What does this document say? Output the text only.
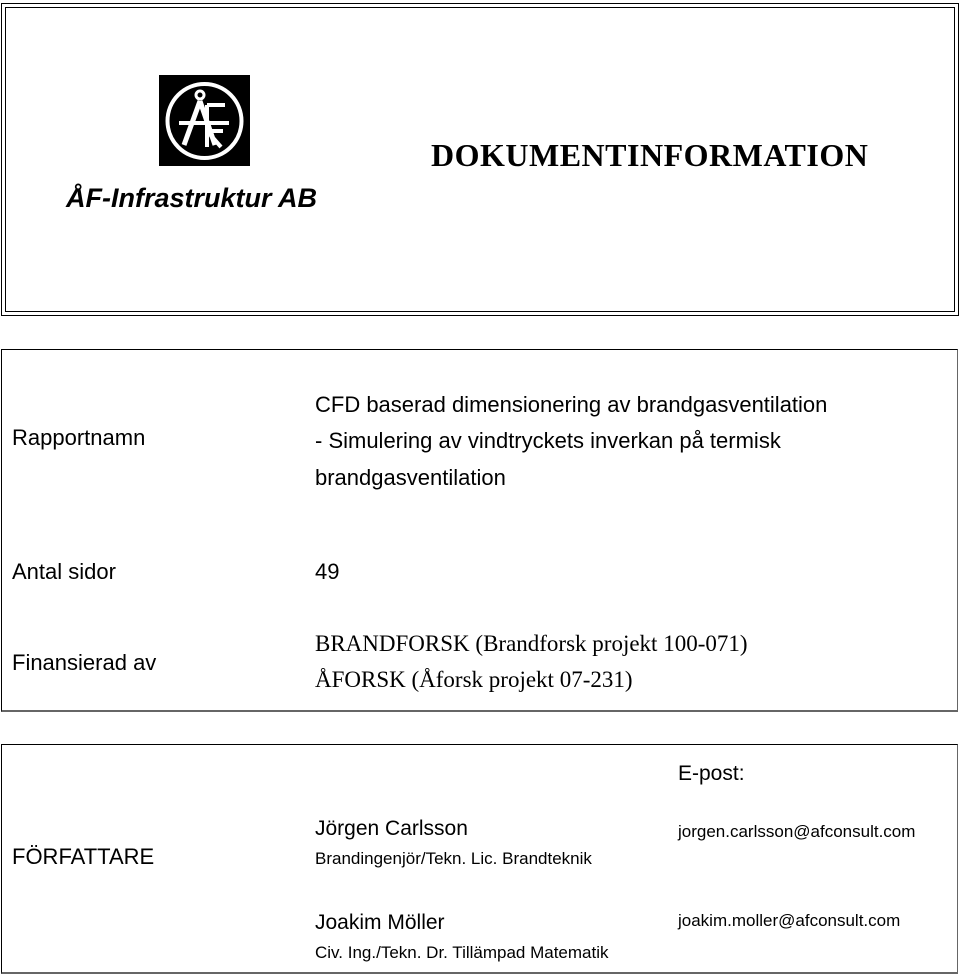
ÅF-Infrastruktur AB
DOKUMENTINFORMATION
Rapportnamn
CFD baserad dimensionering av brandgasventilation
- Simulering av vindtryckets inverkan på termisk
brandgasventilation
Antal sidor	49
Finansierad av
BRANDFORSK (Brandforsk projekt 100-071)
ÅFORSK (Åforsk projekt 07-231)
FÖRFATTARE
E-post:
Jörgen Carlsson
Brandingenjör/Tekn. Lic. Brandteknik
jorgen.carlsson@afconsult.com
Joakim Möller
Civ. Ing./Tekn. Dr. Tillämpad Matematik
joakim.moller@afconsult.com
